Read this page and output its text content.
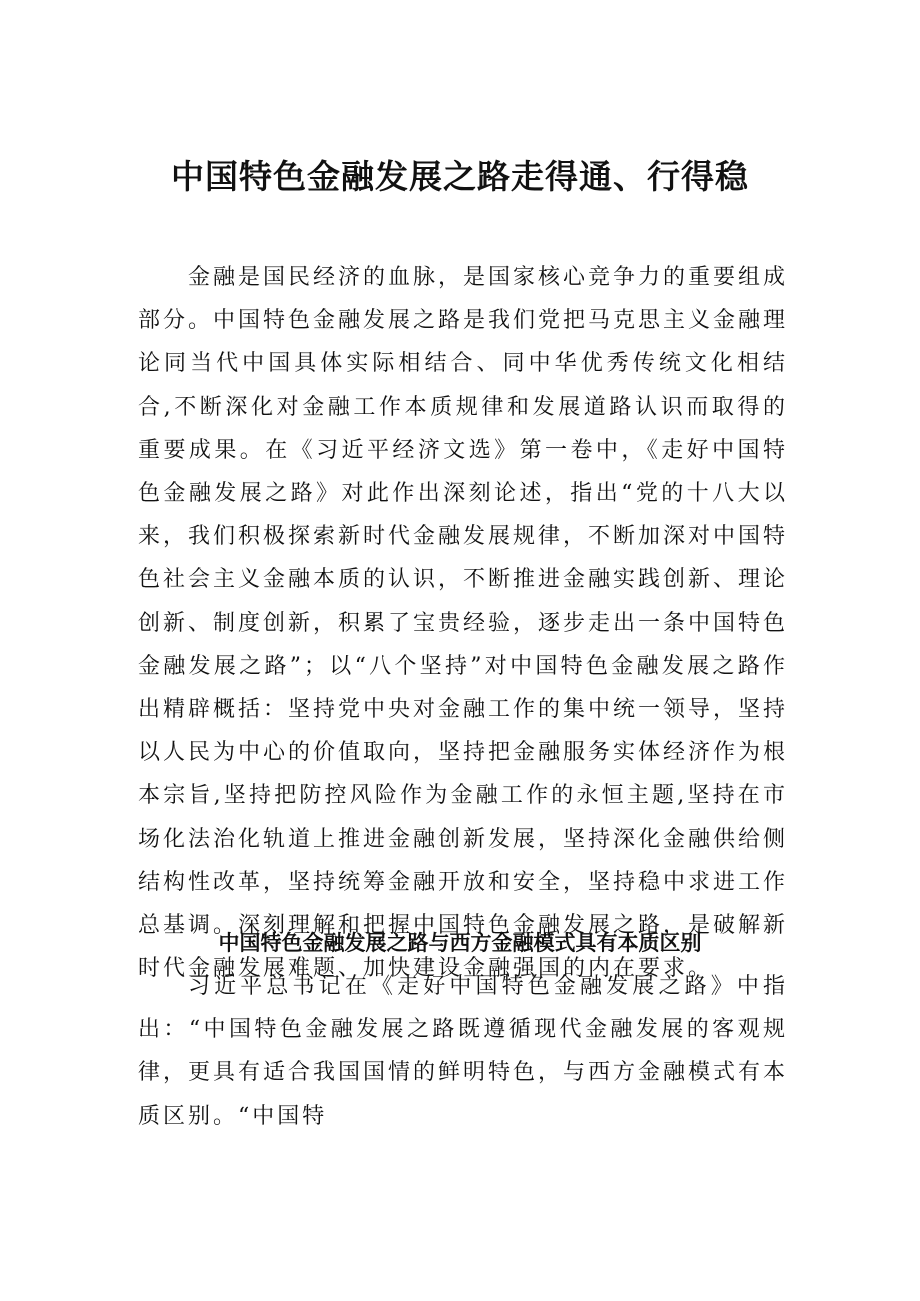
中国特色金融发展之路走得通、行得稳

金融是国民经济的血脉，是国家核心竞争力的重要组成部分。中国特色金融发展之路是我们党把马克思主义金融理论同当代中国具体实际相结合、同中华优秀传统文化相结合,不断深化对金融工作本质规律和发展道路认识而取得的重要成果。在《习近平经济文选》第一卷中，《走好中国特色金融发展之路》对此作出深刻论述，指出“党的十八大以来，我们积极探索新时代金融发展规律，不断加深对中国特色社会主义金融本质的认识，不断推进金融实践创新、理论创新、制度创新，积累了宝贵经验，逐步走出一条中国特色金融发展之路”；以“八个坚持”对中国特色金融发展之路作出精辟概括：坚持党中央对金融工作的集中统一领导，坚持以人民为中心的价值取向，坚持把金融服务实体经济作为根本宗旨,坚持把防控风险作为金融工作的永恒主题,坚持在市场化法治化轨道上推进金融创新发展，坚持深化金融供给侧结构性改革，坚持统筹金融开放和安全，坚持稳中求进工作总基调。深刻理解和把握中国特色金融发展之路，是破解新时代金融发展难题、加快建设金融强国的内在要求。

中国特色金融发展之路与西方金融模式具有本质区别

习近平总书记在《走好中国特色金融发展之路》中指出：“中国特色金融发展之路既遵循现代金融发展的客观规律，更具有适合我国国情的鲜明特色，与西方金融模式有本质区别。“中国特
